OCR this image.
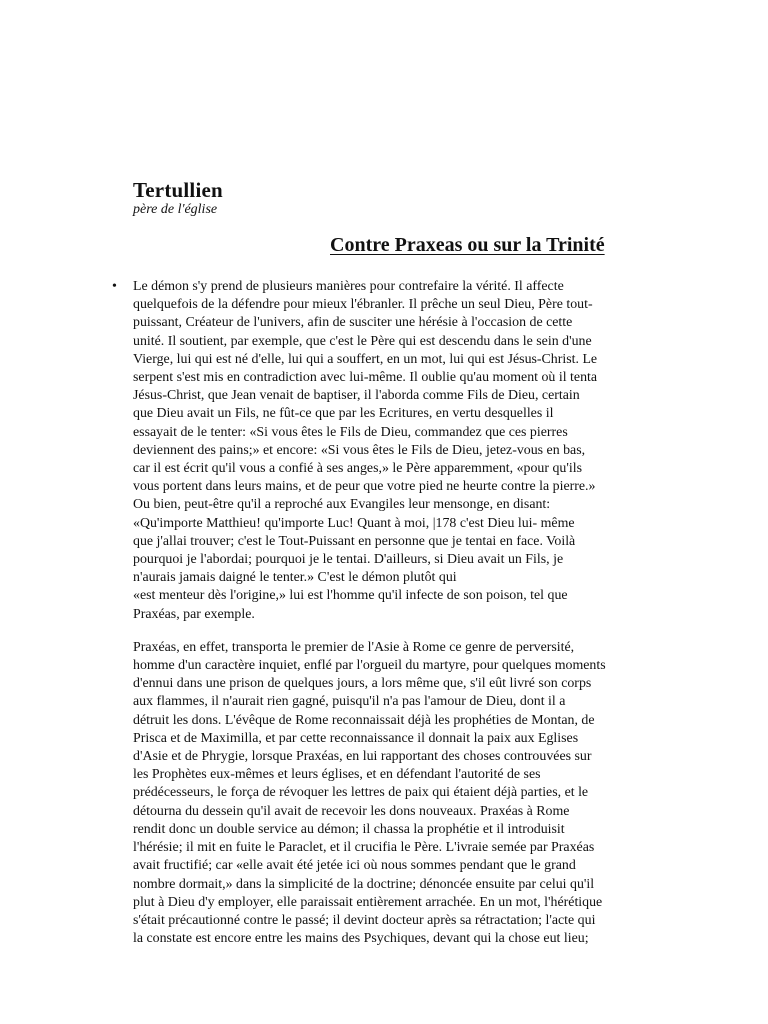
Tertullien
père de l'église
Contre Praxeas ou sur la Trinité
• Le démon s'y prend de plusieurs manières pour contrefaire la vérité. Il affecte
quelquefois de la défendre pour mieux l'ébranler. Il prêche un seul Dieu, Père tout-
puissant, Créateur de l'univers, afin de susciter une hérésie à l'occasion de cette
unité. Il soutient, par exemple, que c'est le Père qui est descendu dans le sein d'une
Vierge, lui qui est né d'elle, lui qui a souffert, en un mot, lui qui est Jésus-Christ. Le
serpent s'est mis en contradiction avec lui-même. Il oublie qu'au moment où il tenta
Jésus-Christ, que Jean venait de baptiser, il l'aborda comme Fils de Dieu, certain
que Dieu avait un Fils, ne fût-ce que par les Ecritures, en vertu desquelles il
essayait de le tenter: «Si vous êtes le Fils de Dieu, commandez que ces pierres
deviennent des pains;» et encore: «Si vous êtes le Fils de Dieu, jetez-vous en bas,
car il est écrit qu'il vous a confié à ses anges,» le Père apparemment, «pour qu'ils
vous portent dans leurs mains, et de peur que votre pied ne heurte contre la pierre.»
Ou bien, peut-être qu'il a reproché aux Evangiles leur mensonge, en disant:
«Qu'importe Matthieu! qu'importe Luc! Quant à moi, |178 c'est Dieu lui- même
que j'allai trouver; c'est le Tout-Puissant en personne que je tentai en face. Voilà
pourquoi je l'abordai; pourquoi je le tentai. D'ailleurs, si Dieu avait un Fils, je
n'aurais jamais daigné le tenter.» C'est le démon plutôt qui
«est menteur dès l'origine,» lui est l'homme qu'il infecte de son poison, tel que
Praxéas, par exemple.
Praxéas, en effet, transporta le premier de l'Asie à Rome ce genre de perversité,
homme d'un caractère inquiet, enflé par l'orgueil du martyre, pour quelques moments
d'ennui dans une prison de quelques jours, a lors même que, s'il eût livré son corps
aux flammes, il n'aurait rien gagné, puisqu'il n'a pas l'amour de Dieu, dont il a
détruit les dons. L'évêque de Rome reconnaissait déjà les prophéties de Montan, de
Prisca et de Maximilla, et par cette reconnaissance il donnait la paix aux Eglises
d'Asie et de Phrygie, lorsque Praxéas, en lui rapportant des choses controuvées sur
les Prophètes eux-mêmes et leurs églises, et en défendant l'autorité de ses
prédécesseurs, le força de révoquer les lettres de paix qui étaient déjà parties, et le
détourna du dessein qu'il avait de recevoir les dons nouveaux. Praxéas à Rome
rendit donc un double service au démon; il chassa la prophétie et il introduisit
l'hérésie; il mit en fuite le Paraclet, et il crucifia le Père. L'ivraie semée par Praxéas
avait fructifié; car «elle avait été jetée ici où nous sommes pendant que le grand
nombre dormait,» dans la simplicité de la doctrine; dénoncée ensuite par celui qu'il
plut à Dieu d'y employer, elle paraissait entièrement arrachée. En un mot, l'hérétique
s'était précautionné contre le passé; il devint docteur après sa rétractation; l'acte qui
la constate est encore entre les mains des Psychiques, devant qui la chose eut lieu;
